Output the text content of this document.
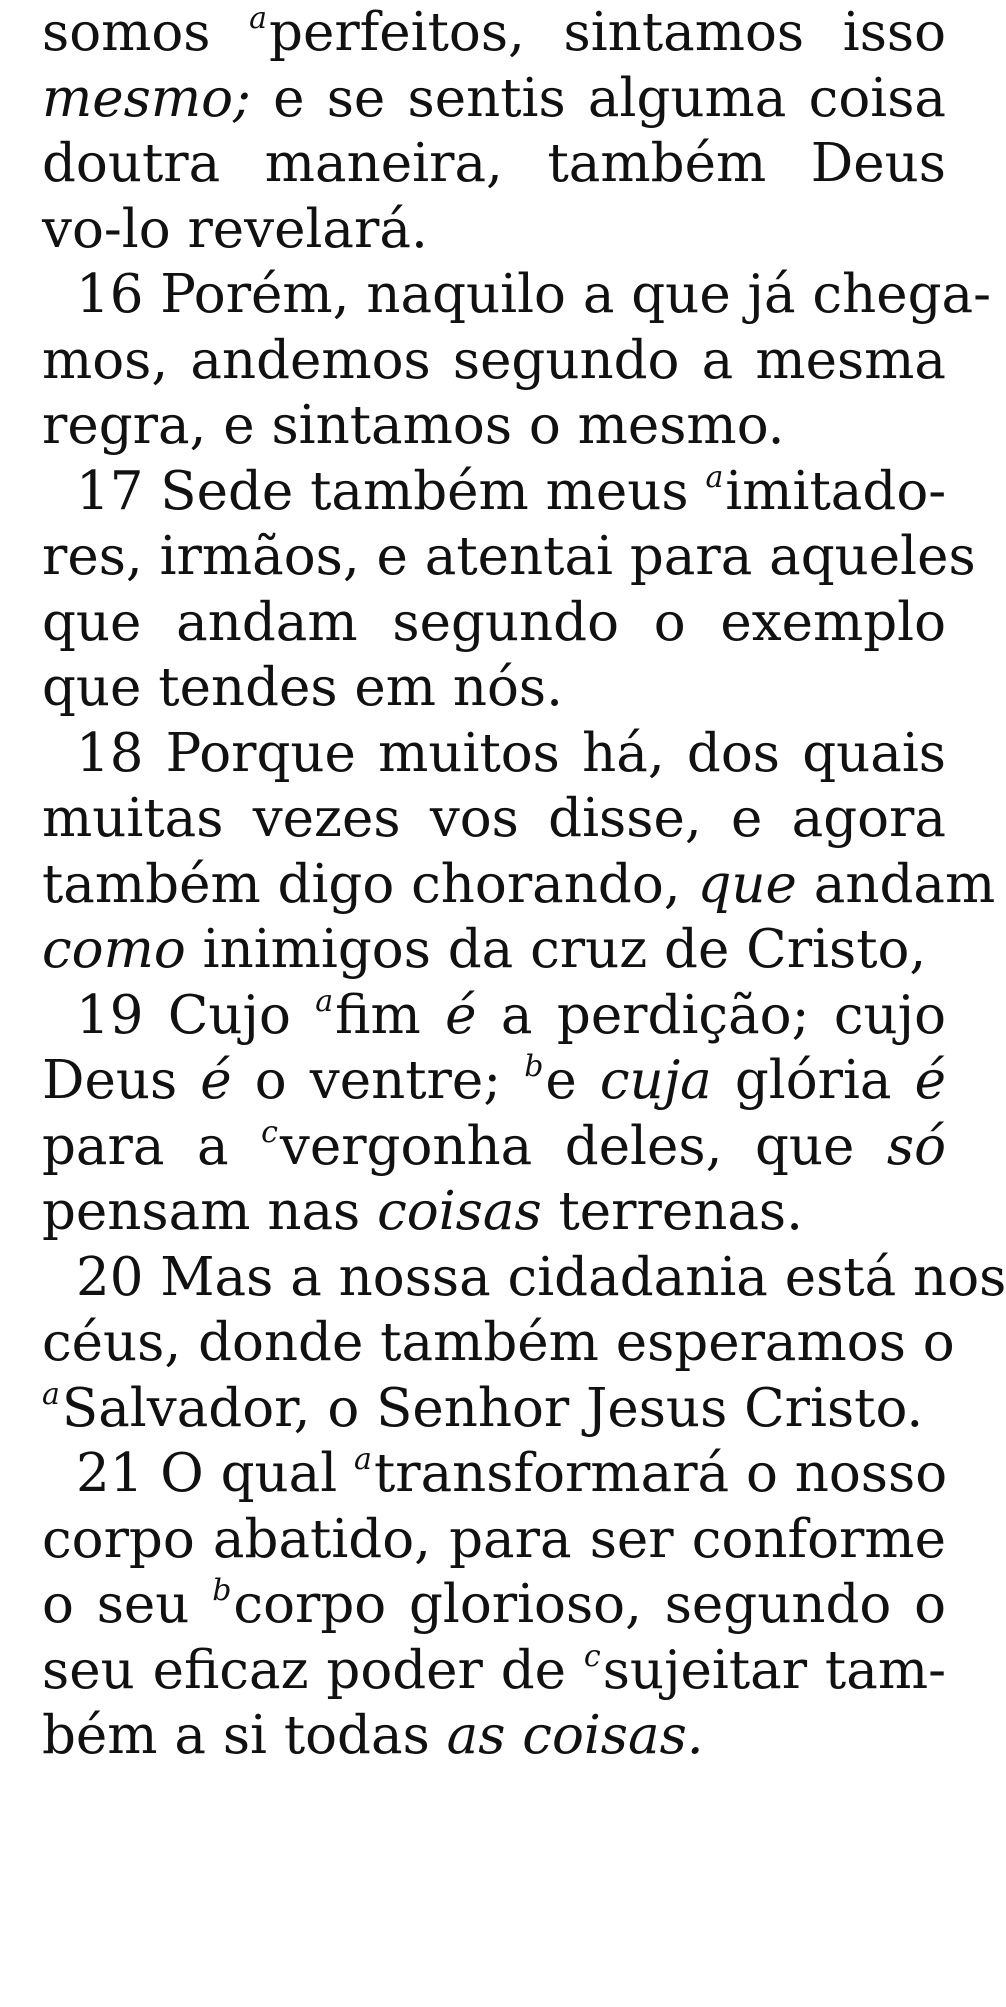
somos $^a$perfeitos, sintamos isso
mesmo; e se sentis alguma coisa
doutra maneira, também Deus
vo-lo revelará.
16 Porém, naquilo a que já chega-
mos, andemos segundo a mesma
regra, e sintamos o mesmo.
17 Sede também meus $^a$imitado-
res, irmãos, e atentai para aqueles
que andam segundo o exemplo
que tendes em nós.
18 Porque muitos há, dos quais
muitas vezes vos disse, e agora
também digo chorando, que andam
como inimigos da cruz de Cristo,
19 Cujo $^a$fim é a perdição; cujo
Deus é o ventre; $^b$e cuja glória é
para a $^c$vergonha deles, que só
pensam nas coisas terrenas.
20 Mas a nossa cidadania está nos
céus, donde também esperamos o
$^a$Salvador, o Senhor Jesus Cristo.
21 O qual $^a$transformará o nosso
corpo abatido, para ser conforme
o seu $^b$corpo glorioso, segundo o
seu eficaz poder de $^c$sujeitar tam-
bém a si todas as coisas.
